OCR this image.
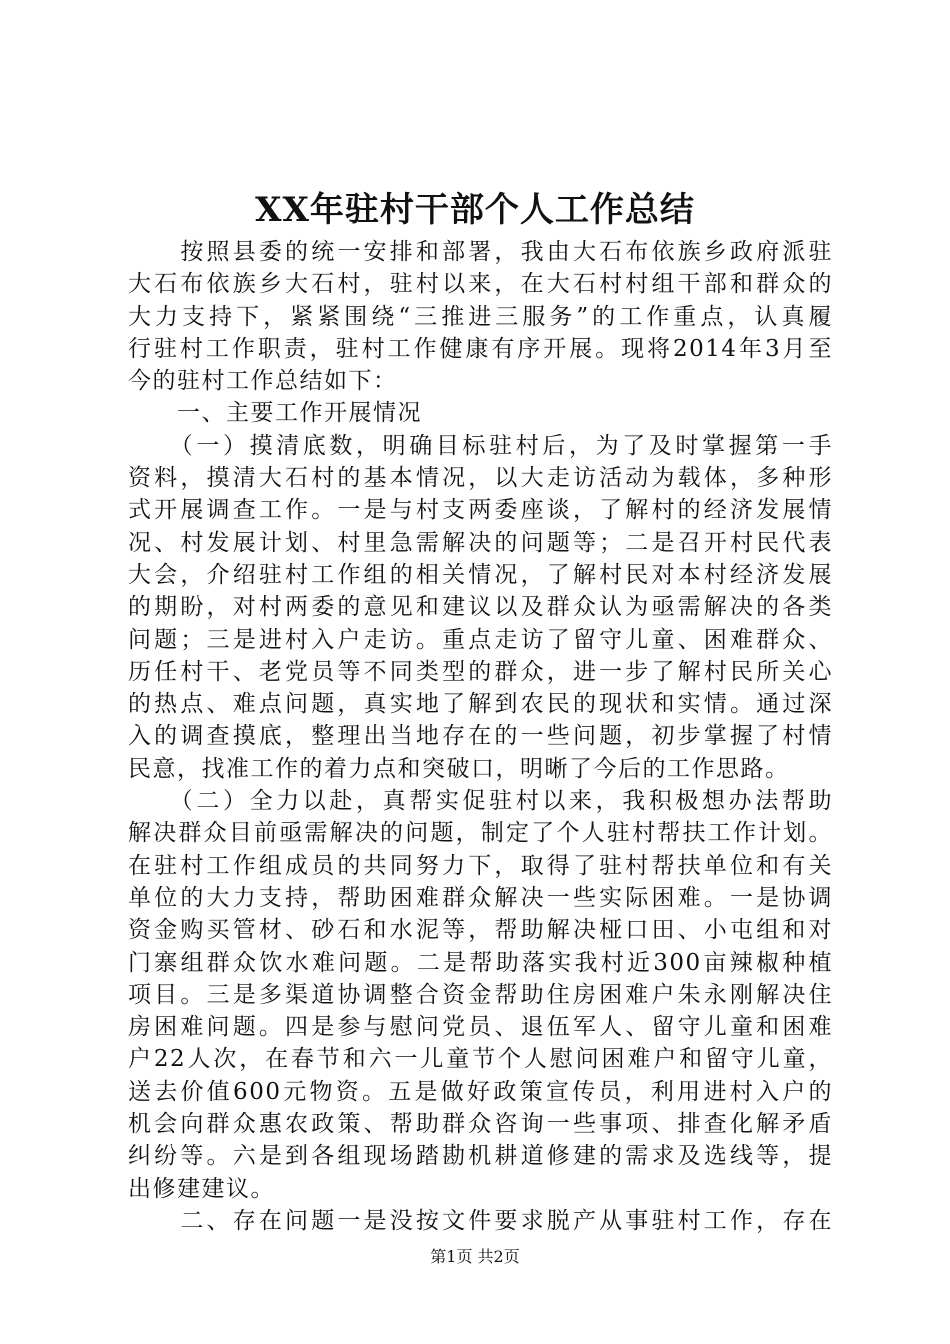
XX年驻村干部个人工作总结
　　按照县委的统一安排和部署，我由大石布依族乡政府派驻
大石布依族乡大石村，驻村以来，在大石村村组干部和群众的
大力支持下，紧紧围绕“三推进三服务”的工作重点，认真履
行驻村工作职责，驻村工作健康有序开展。现将2014年3月至
今的驻村工作总结如下：
　　一、主要工作开展情况
　　（一）摸清底数，明确目标驻村后，为了及时掌握第一手
资料，摸清大石村的基本情况，以大走访活动为载体，多种形
式开展调查工作。一是与村支两委座谈，了解村的经济发展情
况、村发展计划、村里急需解决的问题等；二是召开村民代表
大会，介绍驻村工作组的相关情况，了解村民对本村经济发展
的期盼，对村两委的意见和建议以及群众认为亟需解决的各类
问题；三是进村入户走访。重点走访了留守儿童、困难群众、
历任村干、老党员等不同类型的群众，进一步了解村民所关心
的热点、难点问题，真实地了解到农民的现状和实情。通过深
入的调查摸底，整理出当地存在的一些问题，初步掌握了村情
民意，找准工作的着力点和突破口，明晰了今后的工作思路。
　　（二）全力以赴，真帮实促驻村以来，我积极想办法帮助
解决群众目前亟需解决的问题，制定了个人驻村帮扶工作计划。
在驻村工作组成员的共同努力下，取得了驻村帮扶单位和有关
单位的大力支持，帮助困难群众解决一些实际困难。一是协调
资金购买管材、砂石和水泥等，帮助解决桠口田、小屯组和对
门寨组群众饮水难问题。二是帮助落实我村近300亩辣椒种植
项目。三是多渠道协调整合资金帮助住房困难户朱永刚解决住
房困难问题。四是参与慰问党员、退伍军人、留守儿童和困难
户22人次，在春节和六一儿童节个人慰问困难户和留守儿童，
送去价值600元物资。五是做好政策宣传员，利用进村入户的
机会向群众惠农政策、帮助群众咨询一些事项、排查化解矛盾
纠纷等。六是到各组现场踏勘机耕道修建的需求及选线等，提
出修建建议。
　　二、存在问题一是没按文件要求脱产从事驻村工作，存在
第1页 共2页
